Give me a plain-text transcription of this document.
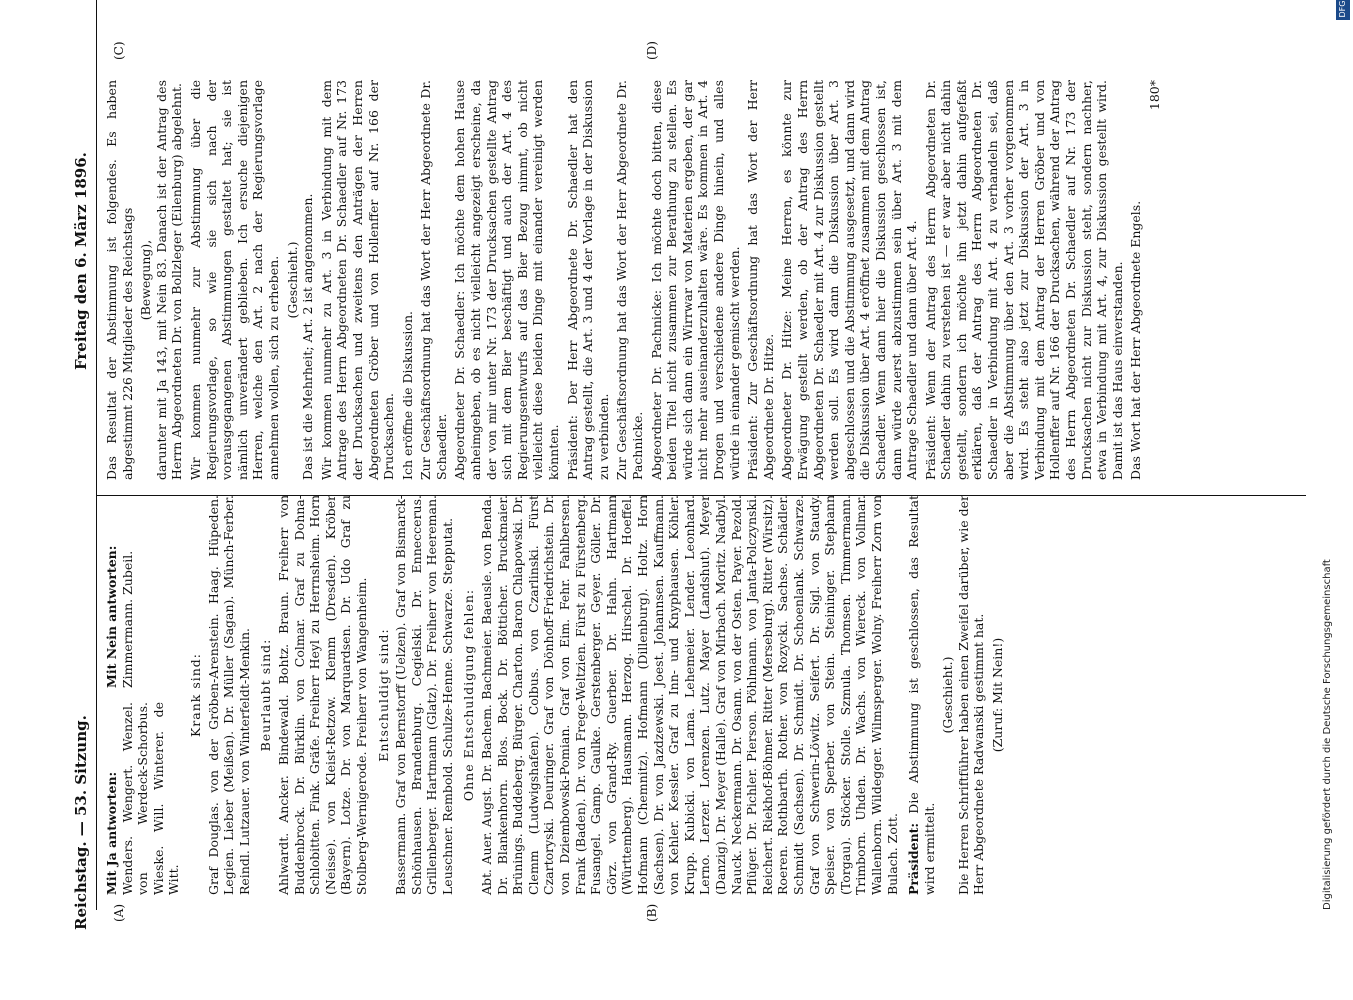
Reichstag. — 53. Sitzung.
Freitag den 6. März 1896.
(A)	(B)
(C)	(D)
Mit Ja antworten: Wenders. Wengert. Wenzel. von Werdeck-Schorbus. Wieske. Will. Winterer. de Witt.
Mit Nein antworten: Zimmermann. Zubeil.
Krank sind: Graf Douglas. von der Gröben-Arenstein. Haag. Hüpeden. Legien. Lieber (Meißen). Dr. Müller (Sagan). Münch-Ferber. Reindl. Lutzauer. von Winterfeldt-Menkin. Beurlaubt sind: Ahlwardt. Ancker. Bindewald. Bohtz. Braun. Freiherr von Buddenbrock. Dr. Bürklin. von Colmar. Graf zu Dohna-Schlobitten. Fink. Gräfe. Freiherr Heyl zu Herrnsheim. Horn (Neisse). von Kleist-Retzow. Klemm (Dresden). Kröber (Bayern). Lotze. Dr. von Marquardsen. Dr. Udo Graf zu Stolberg-Wernigerode. Freiherr von Wangenheim. Entschuldigt sind: Bassermann. Graf von Bernstorff (Uelzen). Graf von Bismarck-Schönhausen. Brandenburg. Cegielski. Dr. Enneccerus. Grillenberger. Hartmann (Glatz). Dr. Freiherr von Heereman. Leuschner. Rembold. Schulze-Henne. Schwarze. Stepputat. Ohne Entschuldigung fehlen: Abt. Auer. Augst. Dr. Bachem. Bachmeier. Baeusle. von Benda. Dr. Blankenhorn. Blos. Bock. Dr. Bötticher. Bruckmaier. Brünings. Buddeberg. Bürger. Charton. Baron Chlapowski. Dr. Clemm (Ludwigshafen). Colbus. von Czarlinski. Fürst Czartoryski. Deuringer. Graf von Dönhoff-Friedrichstein. Dr. von Dziembowski-Pomian. Graf von Eim. Fehr. Fahlbersen. Frank (Baden). Dr. von Frege-Weltzien. Fürst zu Fürstenberg. Fusangel. Gamp. Gaulke. Gerstenberger. Geyer. Göller. Dr. Görz. von Grand-Ry. Guerber. Dr. Hahn. Hartmann (Württemberg). Hausmann. Herzog. Hirschel. Dr. Hoeffel. Hofmann (Chemnitz). Hofmann (Dillenburg). Holtz. Horn (Sachsen). Dr. von Jazdzewski. Joest. Johannsen. Kauffmann. von Kehler. Kessler. Graf zu Inn- und Knyphausen. Köhler. Krupp. Kubicki. von Lama. Lehemeier. Lender. Leonhard. Lerno. Lerzer. Lorenzen. Lutz. Mayer (Landshut). Meyer (Danzig). Dr. Meyer (Halle). Graf von Mirbach. Moritz. Nadbyl. Nauck. Neckermann. Dr. Osann. von der Osten. Payer. Pezold. Pflüger. Dr. Pichler. Pierson. Pöhlmann. von Janta-Polczynski. Reichert. Riekhof-Böhmer. Ritter (Merseburg). Ritter (Wirsitz). Roeren. Rothbarth. Rother. von Rozycki. Sachse. Schädler. Schmidt (Sachsen). Dr. Schmidt. Dr. Schoenlank. Schwarze. Graf von Schwerin-Löwitz. Seifert. Dr. Sigl. von Staudy. Speiser. von Sperber. von Stein. Steininger. Stephann (Torgau). Stöcker. Stolle. Szmula. Thomsen. Timmermann. Trimborn. Uhden. Dr. Wachs. von Wiereck. von Vollmar. Wallenborn. Wildegger. Wilmsperger. Wolny. Freiherr Zorn von Bulach. Zott. Präsident: Die Abstimmung ist geschlossen, das Resultat wird ermittelt.
(Geschieht.) Die Herren Schriftführer haben einen Zweifel darüber, wie der Herr Abgeordnete Radwanski gestimmt hat. (Zuruf: Mit Nein!)
Das Resultat der Abstimmung ist folgendes. Es haben abgestimmt 226 Mitglieder des Reichstags (Bewegung), darunter mit Ja 143, mit Nein 83. Danach ist der Antrag des Herrn Abgeordneten Dr. von Bollzleger (Eilenburg) abgelehnt. Wir kommen nunmehr zur Abstimmung über die Regierungsvorlage, so wie sie sich nach der vorausgegangenen Abstimmungen gestaltet hat; sie ist nämlich unverändert geblieben. Ich ersuche diejenigen Herren, welche den Art. 2 nach der Regierungsvorlage annehmen wollen, sich zu erheben. (Geschieht.) Das ist die Mehrheit; Art. 2 ist angenommen. Wir kommen nunmehr zu Art. 3 in Verbindung mit dem Antrage des Herrn Abgeordneten Dr. Schaedler auf Nr. 173 der Drucksachen und zweitens den Anträgen der Herren Abgeordneten Gröber und von Hollenffer auf Nr. 166 der Drucksachen. Ich eröffne die Diskussion. Zur Geschäftsordnung hat das Wort der Herr Abgeordnete Dr. Schaedler. Abgeordneter Dr. Schaedler: Ich möchte dem hohen Hause anheimgeben, ob es nicht vielleicht angezeigt erscheine, da der von mir unter Nr. 173 der Drucksachen gestellte Antrag sich mit dem Bier beschäftigt und auch der Art. 4 des Regierungsentwurfs auf das Bier Bezug nimmt, ob nicht vielleicht diese beiden Dinge mit einander vereinigt werden könnten. Präsident: Der Herr Abgeordnete Dr. Schaedler hat den Antrag gestellt, die Art. 3 und 4 der Vorlage in der Diskussion zu verbinden. Zur Geschäftsordnung hat das Wort der Herr Abgeordnete Dr. Pachnicke. Abgeordneter Dr. Pachnicke: Ich möchte doch bitten, diese beiden Titel nicht zusammen zur Berathung zu stellen. Es würde sich dann ein Wirrwar von Materien ergeben, der gar nicht mehr auseinanderzuhalten wäre. Es kommen in Art. 4 Drogen und verschiedene andere Dinge hinein, und alles würde in einander gemischt werden. Präsident: Zur Geschäftsordnung hat das Wort der Herr Abgeordnete Dr. Hitze. Abgeordneter Dr. Hitze: Meine Herren, es könnte zur Erwägung gestellt werden, ob der Antrag des Herrn Abgeordneten Dr. Schaedler mit Art. 4 zur Diskussion gestellt werden soll. Es wird dann die Diskussion über Art. 3 abgeschlossen und die Abstimmung ausgesetzt, und dann wird die Diskussion über Art. 4 eröffnet zusammen mit dem Antrag Schaedler. Wenn dann hier die Diskussion geschlossen ist, dann würde zuerst abzustimmen sein über Art. 3 mit dem Antrage Schaedler und dann über Art. 4. Präsident: Wenn der Antrag des Herrn Abgeordneten Dr. Schaedler dahin zu verstehen ist — er war aber nicht dahin gestellt, sondern ich möchte ihn jetzt dahin aufgefaßt erklären, daß der Antrag des Herrn Abgeordneten Dr. Schaedler in Verbindung mit Art. 4 zu verhandeln sei, daß aber die Abstimmung über den Art. 3 vorher vorgenommen wird. Es steht also jetzt zur Diskussion der Art. 3 in Verbindung mit dem Antrag der Herren Gröber und von Hollenffer auf Nr. 166 der Drucksachen, während der Antrag des Herrn Abgeordneten Dr. Schaedler auf Nr. 173 der Drucksachen nicht zur Diskussion steht, sondern nachher, etwa in Verbindung mit Art. 4, zur Diskussion gestellt wird. Damit ist das Haus einverstanden. Das Wort hat der Herr Abgeordnete Engels.
180*
Digitalisierung gefördert durch die Deutsche Forschungsgemeinschaft
DFG
